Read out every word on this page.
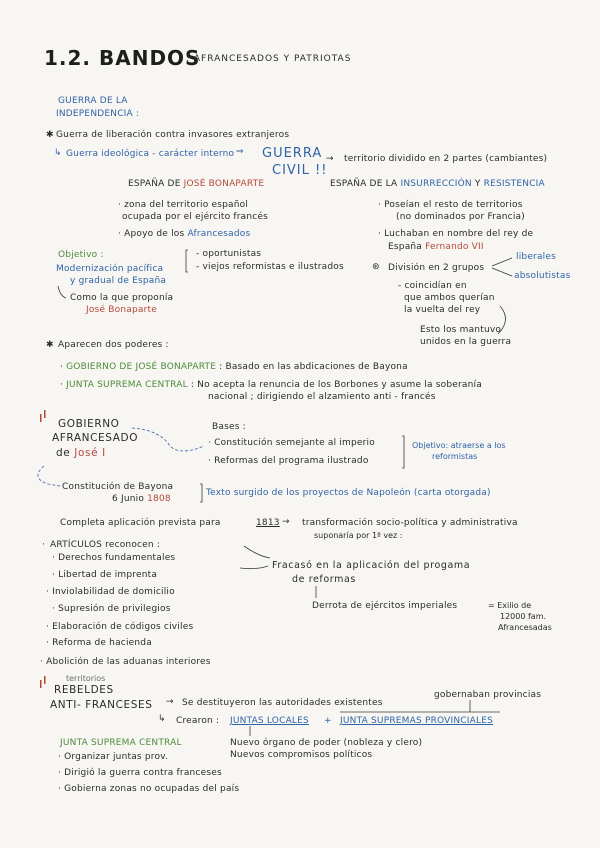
1.2. BANDOS
: AFRANCESADOS Y PATRIOTAS
GUERRA DE LA
INDEPENDENCIA :
✱ Guerra de liberación contra invasores extranjeros
↳ Guerra ideológica - carácter interno ⇒ GUERRA
CIVIL !!
→ territorio dividido en 2 partes (cambiantes)
ESPAÑA DE JOSÉ BONAPARTE
· zona del territorio español
ocupada por el ejército francés
· Apoyo de los Afrancesados
Objetivo :
Modernización pacífica
y gradual de España
- oportunistas
- viejos reformistas e ilustrados
Como la que proponía
José Bonaparte
ESPAÑA DE LA INSURRECCIÓN Y RESISTENCIA
· Poseían el resto de territorios
(no dominados por Francia)
· Luchaban en nombre del rey de
España Fernando VII
⊛ División en 2 grupos
liberales
absolutistas
- coincidían en
que ambos querían
la vuelta del rey
Esto los mantuvo
unidos en la guerra
✱ Aparecen dos poderes :
· GOBIERNO DE JOSÉ BONAPARTE : Basado en las abdicaciones de Bayona
· JUNTA SUPREMA CENTRAL : No acepta la renuncia de los Borbones y asume la soberanía
nacional ; dirigiendo el alzamiento anti - francés
GOBIERNO
AFRANCESADO
de José I
Bases :
· Constitución semejante al imperio
· Reformas del programa ilustrado
Objetivo: atraerse a los
reformistas
Constitución de Bayona
6 Junio 1808
Texto surgido de los proyectos de Napoleón (carta otorgada)
Completa aplicación prevista para	1813 → transformación socio-política y administrativa
suponaría por 1ª vez :
· ARTÍCULOS reconocen :
· Derechos fundamentales
· Libertad de imprenta
· Inviolabilidad de domicilio
· Supresión de privilegios
· Elaboración de códigos civiles
· Reforma de hacienda
· Abolición de las aduanas interiores
Fracasó en la aplicación del progama
de reformas
Derrota de ejércitos imperiales	= Exilio de
12000 fam.
Afrancesadas
territorios
REBELDES
ANTI- FRANCESES → Se destituyeron las autoridades existentes
gobernaban provincias
↳ Crearon : JUNTAS LOCALES + JUNTA SUPREMAS PROVINCIALES
Nuevo órgano de poder (nobleza y clero)
Nuevos compromisos políticos
JUNTA SUPREMA CENTRAL
· Organizar juntas prov.
· Dirigió la guerra contra franceses
· Gobierna zonas no ocupadas del país
